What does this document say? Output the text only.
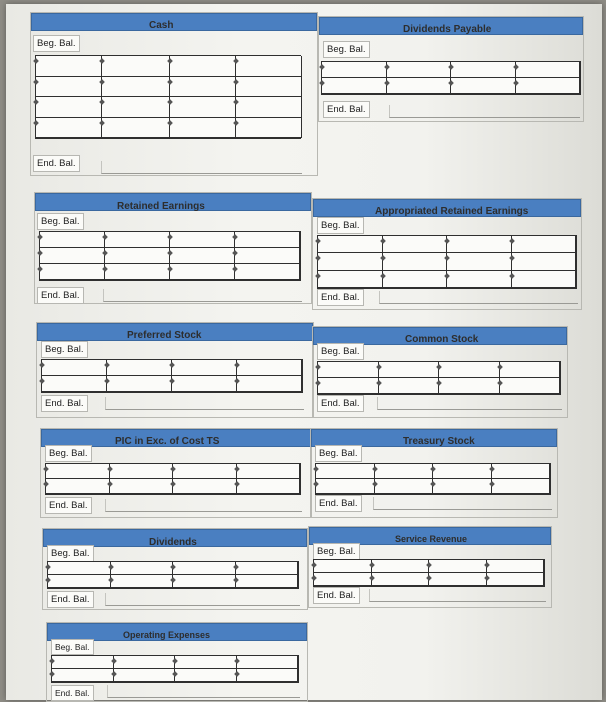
Cash
Beg. Bal.
End. Bal.
Dividends Payable
Beg. Bal.
End. Bal.
Retained Earnings
Beg. Bal.
End. Bal.
Appropriated Retained Earnings
Beg. Bal.
End. Bal.
Preferred Stock
Beg. Bal.
End. Bal.
Common Stock
Beg. Bal.
End. Bal.
PIC in Exc. of Cost TS
Beg. Bal.
End. Bal.
Treasury Stock
Beg. Bal.
End. Bal.
Dividends
Beg. Bal.
End. Bal.
Service Revenue
Beg. Bal.
End. Bal.
Operating Expenses
Beg. Bal.
End. Bal.
